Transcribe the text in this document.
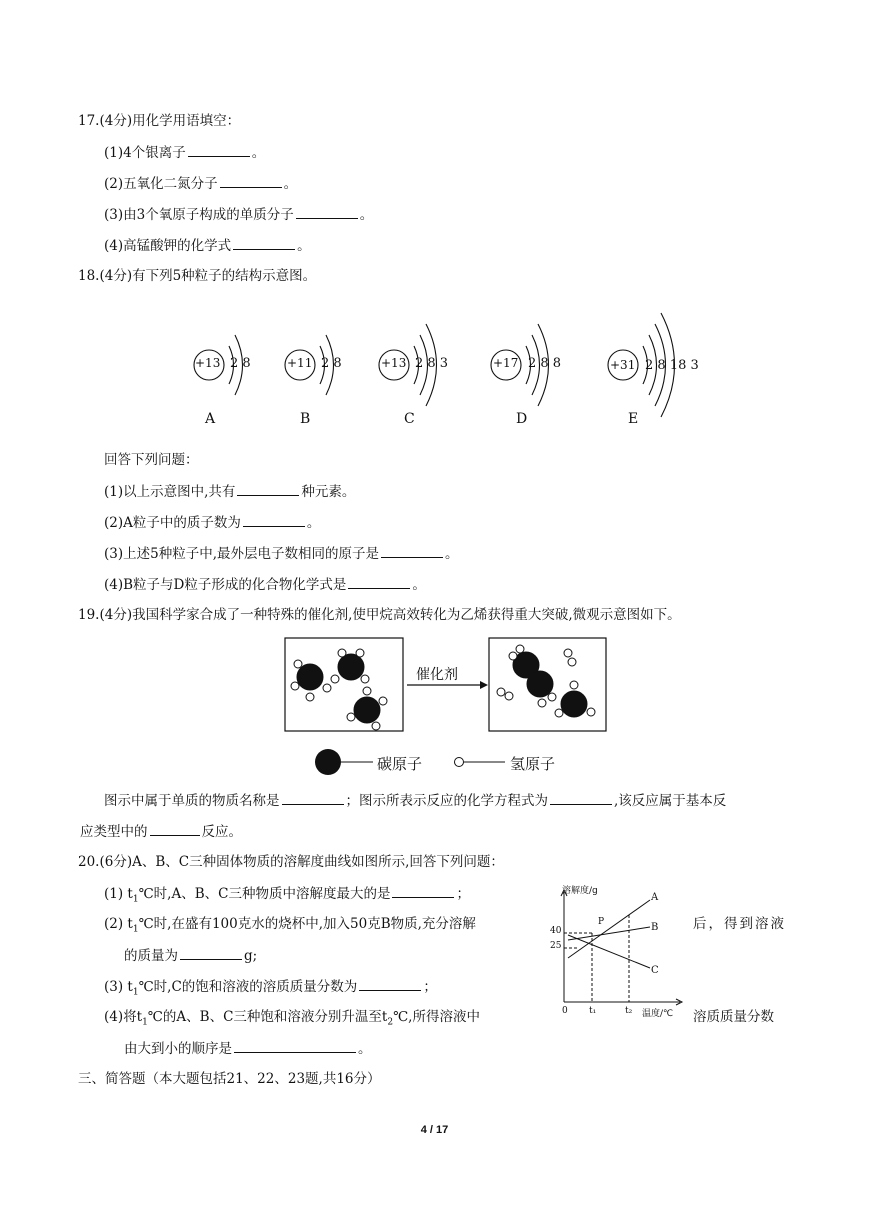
17.(4分)用化学用语填空：
(1)4个银离子	。
(2)五氧化二氮分子	。
(3)由3个氧原子构成的单质分子	。
(4)高锰酸钾的化学式	。
18.(4分)有下列5种粒子的结构示意图。
+13 2 8
A
+11 2 8
B
+13 2 8 3
C
+17 2 8 8
D
+31 2 8 18 3
E
回答下列问题：
(1)以上示意图中,共有	种元素。
(2)A粒子中的质子数为	。
(3)上述5种粒子中,最外层电子数相同的原子是	。
(4)B粒子与D粒子形成的化合物化学式是	。
19.(4分)我国科学家合成了一种特殊的催化剂,使甲烷高效转化为乙烯获得重大突破,微观示意图如下。
催化剂
碳原子	氢原子
图示中属于单质的物质名称是	；图示所表示反应的化学方程式为	,该反应属于基本反
应类型中的	反应。
20.(6分)A、B、C三种固体物质的溶解度曲线如图所示,回答下列问题：
(1) $t_1℃$时,A、B、C三种物质中溶解度最大的是	；
(2) $t_1℃$时,在盛有100克水的烧杯中,加入50克B物质,充分溶解	后，得到溶液
的质量为	g;
(3) $t_1℃$时,C的饱和溶液的溶质质量分数为	；
(4)将$t_1℃$的A、B、C三种饱和溶液分别升温至$t_2℃$,所得溶液中	溶质质量分数
由大到小的顺序是	。
溶解度/g
A
B
C
P
40
25
0 t₁	t₂ 温度/℃
三、简答题（本大题包括21、22、23题,共16分）
4 / 17
